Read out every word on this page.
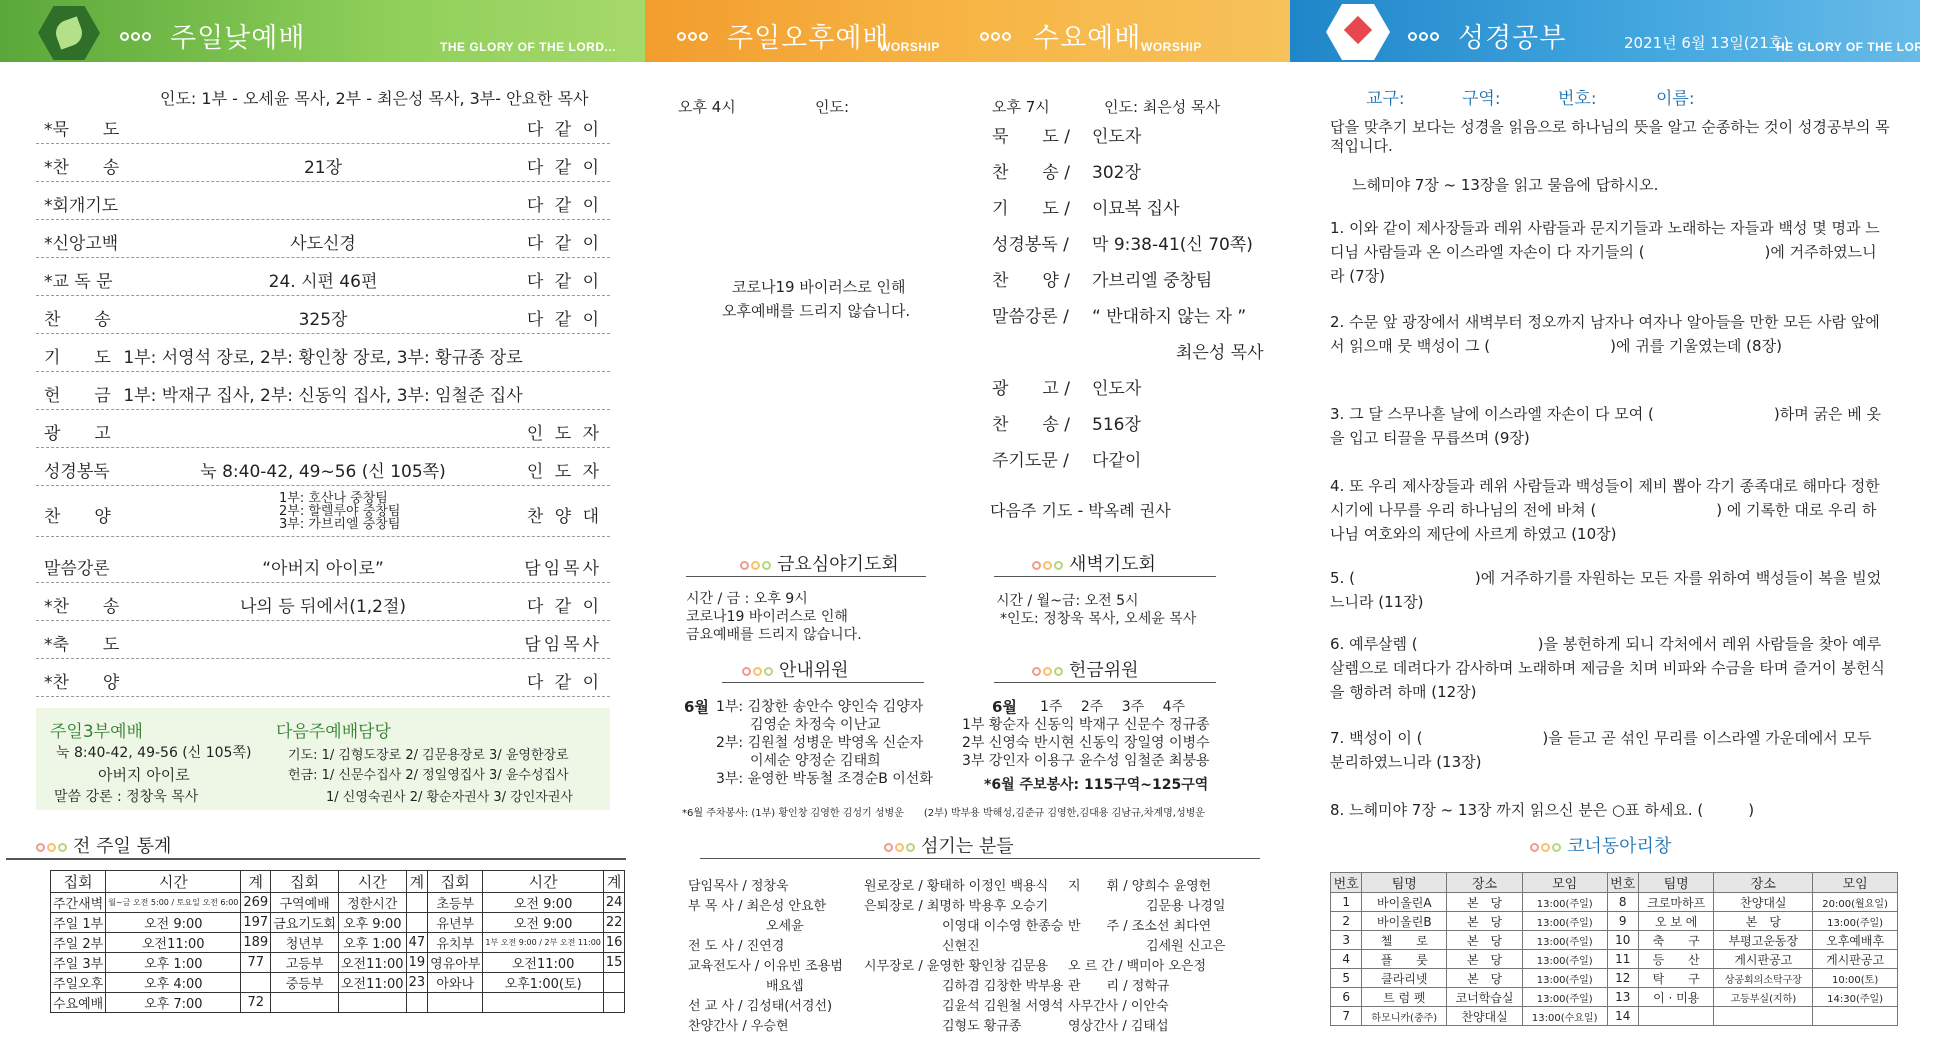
주일낮예배	THE GLORY OF THE LORD...	주일오후예배
WORSHIP	수요예배 WORSHIP	성경공부	2021년 6월 13일(21호)
HE GLORY OF THE LORD...
인도: 1부 - 오세윤 목사, 2부 - 최은성 목사, 3부- 안요한 목사
*묵　　도	다 같 이
*찬　　송	21장	다 같 이
*회개기도	다 같 이
*신앙고백	사도신경	다 같 이
*교 독 문	24. 시편 46편	다 같 이
찬　　송	325장	다 같 이
기　　도 1부: 서영석 장로, 2부: 황인창 장로, 3부: 황규종 장로
헌　　금 1부: 박재구 집사, 2부: 신동익 집사, 3부: 임철준 집사
광　　고	인 도 자
성경봉독	눅 8:40-42, 49~56 (신 105쪽)	인 도 자
찬　　양
1부: 호산나 중창팀
2부: 할렐루야 중창팀
3부: 가브리엘 중창팀	찬 양 대
말씀강론	“아버지 아이로”	담임목사
*찬　　송	나의 등 뒤에서(1,2절)	다 같 이
*축　　도	담임목사
*찬　　양	다 같 이
주일3부예배
눅 8:40-42, 49-56 (신 105쪽)
아버지 아이로
말씀 강론 : 정창욱 목사
다음주예배담당
기도: 1/ 김형도장로 2/ 김문용장로 3/ 윤영한장로
헌금: 1/ 신문수집사 2/ 정일영집사 3/ 윤수성집사
1/ 신영숙권사 2/ 황순자권사 3/ 강인자권사
전 주일 통계
집회	시간	계	집회	시간	계	집회	시간	계
주간새벽	월~금 오전 5:00 / 토요일 오전 6:00	269	구역예배	정한시간		초등부	오전 9:00	24
주일 1부	오전 9:00	197	금요기도회	오후 9:00		유년부	오전 9:00	22
주일 2부	오전11:00	189	청년부	오후 1:00	47	유치부	1부 오전 9:00 / 2부 오전 11:00	16
주일 3부	오후 1:00	77	고등부	오전11:00	19	영유아부	오전11:00	15
주일오후	오후 4:00		중등부	오전11:00	23	아와나	오후1:00(토)	
수요예배	오후 7:00	72						
오후 4시	인도:
코로나19 바이러스로 인해
오후예배를 드리지 않습니다.
오후 7시	인도: 최은성 목사
묵　　도 / 인도자
찬　　송 / 302장
기　　도 / 이묘복 집사
성경봉독 / 막 9:38-41(신 70쪽)
찬　　양 / 가브리엘 중창팀
말씀강론 / “ 반대하지 않는 자 ”
최은성 목사
광　　고 / 인도자
찬　　송 / 516장
주기도문 / 다같이
다음주 기도 - 박옥례 권사
금요심야기도회
시간 / 금 : 오후 9시
코로나19 바이러스로 인해
금요예배를 드리지 않습니다.
새벽기도회
시간 / 월~금: 오전 5시
*인도: 정창욱 목사, 오세윤 목사
안내위원
6월 1부: 김창한 송안수 양인숙 김양자
김영순 차정숙 이난교
2부: 김원철 성병운 박영옥 신순자
이세순 양정순 김태희
3부: 윤영한 박동철 조경순B 이선화
헌금위원
6월 1주　 2주　 3주　 4주
1부 황순자 신동익 박재구 신문수 정규종
2부 신영숙 반시현 신동익 장일영 이병수
3부 강인자 이용구 윤수성 임철준 최붕용
*6월 주보봉사: 115구역~125구역
*6월 주차봉사: (1부) 황인창 김영한 김성기 성병운　　(2부) 박부용 박해성,김준규 김영한,김대용 김남규,차계명,성병운
섬기는 분들
담임목사 / 정창욱
부 목 사 / 최은성 안요한
　　　　　　오세윤
전 도 사 / 진연경
교육전도사 / 이유빈 조용범
　　　　　　배요셉
선 교 사 / 김성태(서경선)
찬양간사 / 우승현
원로장로 / 황태하 이정인 백용식
은퇴장로 / 최명하 박용후 오승기
　　　　　　이영대 이수영 한종승
　　　　　　신현진
시무장로 / 윤영한 황인창 김문용
　　　　　　김하겸 김창한 박부용
　　　　　　김윤석 김원철 서영석
　　　　　　김형도 황규종
지　　휘 / 양희수 윤영헌
　　　　　　김문용 나경일
반　　주 / 조소선 최다연
　　　　　　김세원 신고은
오 르 간 / 백미아 오은정
관　　리 / 정학규
사무간사 / 이안숙
영상간사 / 김태섭
교구:	구역:	번호:	이름:
답을 맞추기 보다는 성경을 읽음으로 하나님의 뜻을 알고 순종하는 것이 성경공부의 목적입니다.
느헤미야 7장 ~ 13장을 읽고 물음에 답하시오.
1. 이와 같이 제사장들과 레위 사람들과 문지기들과 노래하는 자들과 백성 몇 명과 느디님 사람들과 온 이스라엘 자손이 다 자기들의 (　　　　　　　　)에 거주하였느니라 (7장)
2. 수문 앞 광장에서 새벽부터 정오까지 남자나 여자나 알아들을 만한 모든 사람 앞에서 읽으매 뭇 백성이 그 (　　　　　　　　)에 귀를 기울였는데 (8장)
3. 그 달 스무나흗 날에 이스라엘 자손이 다 모여 (　　　　　　　　)하며 굵은 베 옷을 입고 티끌을 무릅쓰며 (9장)
4. 또 우리 제사장들과 레위 사람들과 백성들이 제비 뽑아 각기 종족대로 해마다 정한 시기에 나무를 우리 하나님의 전에 바쳐 (　　　　　　　　) 에 기록한 대로 우리 하나님 여호와의 제단에 사르게 하였고 (10장)
5. (　　　　　　　　)에 거주하기를 자원하는 모든 자를 위하여 백성들이 복을 빌었느니라 (11장)
6. 예루살렘 (　　　　　　　　)을 봉헌하게 되니 각처에서 레위 사람들을 찾아 예루살렘으로 데려다가 감사하며 노래하며 제금을 치며 비파와 수금을 타며 즐거이 봉헌식을 행하려 하매 (12장)
7. 백성이 이 (　　　　　　　　)을 듣고 곧 섞인 무리를 이스라엘 가운데에서 모두 분리하였느니라 (13장)
8. 느헤미야 7장 ~ 13장 까지 읽으신 분은 ○표 하세요. (　　　)
코너동아리창
번호	팀명	장소	모임	번호	팀명	장소	모임
1	바이올린A	본　당	13:00(주일)	8	크로마하프	찬양대실	20:00(월요일)
2	바이올린B	본　당	13:00(주일)	9	오 보 에	본　당	13:00(주일)
3	첼　　로	본　당	13:00(주일)	10	축　　구	부평고운동장	오후예배후
4	플　　룻	본　당	13:00(주일)	11	등　　산	게시판공고	게시판공고
5	클라리넷	본　당	13:00(주일)	12	탁　　구	상공회의소탁구장	10:00(토)
6	트 럼 펫	코너학습실	13:00(주일)	13	이 · 미용	고등부실(지하)	14:30(주일)
7	하모니카(중주)	찬양대실	13:00(수요일)	14			
